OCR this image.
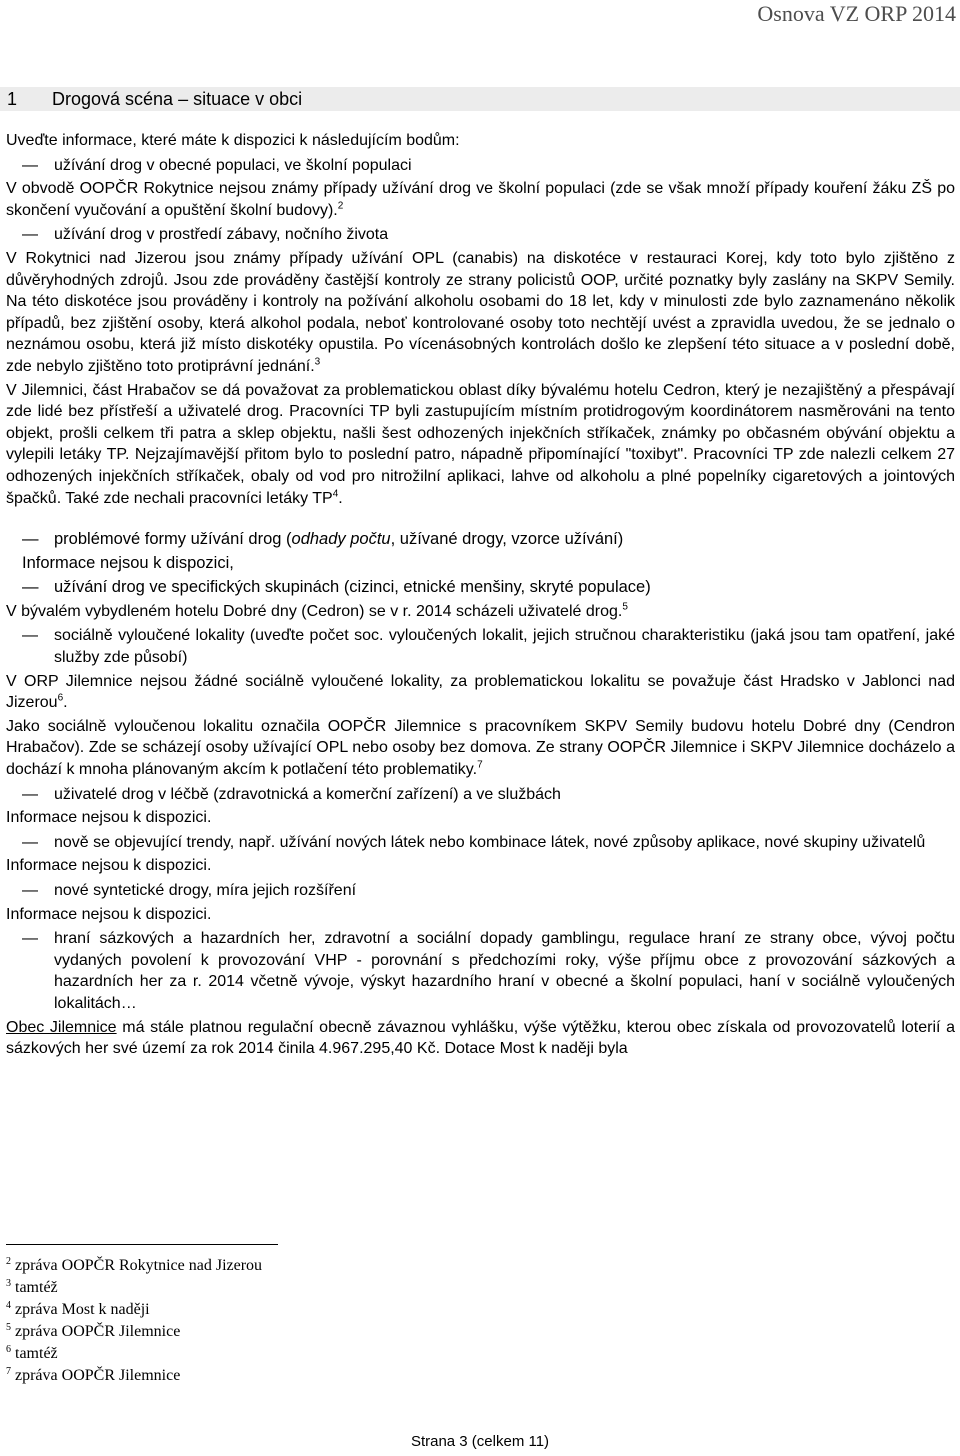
Osnova VZ ORP 2014
1 Drogová scéna – situace v obci

Uveďte informace, které máte k dispozici k následujícím bodům:

— užívání drog v obecné populaci, ve školní populaci

V obvodě OOPČR Rokytnice nejsou známy případy užívání drog ve školní populaci (zde se však množí případy kouření žáku ZŠ po skončení vyučování a opuštění školní budovy).$^2$

— užívání drog v prostředí zábavy, nočního života

V Rokytnici nad Jizerou jsou známy případy užívání OPL (canabis) na diskotéce v restauraci Korej, kdy toto bylo zjištěno z důvěryhodných zdrojů. Jsou zde prováděny častější kontroly ze strany policistů OOP, určité poznatky byly zaslány na SKPV Semily. Na této diskotéce jsou prováděny i kontroly na požívání alkoholu osobami do 18 let, kdy v minulosti zde bylo zaznamenáno několik případů, bez zjištění osoby, která alkohol podala, neboť kontrolované osoby toto nechtějí uvést a zpravidla uvedou, že se jednalo o neznámou osobu, která již místo diskotéky opustila. Po vícenásobných kontrolách došlo ke zlepšení této situace a v poslední době, zde nebylo zjištěno toto protiprávní jednání.$^3$

V Jilemnici, část Hrabačov se dá považovat za problematickou oblast díky bývalému hotelu Cedron, který je nezajištěný a přespávají zde lidé bez přístřeší a uživatelé drog. Pracovníci TP byli zastupujícím místním protidrogovým koordinátorem nasměrováni na tento objekt, prošli celkem tři patra a sklep objektu, našli šest odhozených injekčních stříkaček, známky po občasném obývání objektu a vylepili letáky TP. Nejzajímavější přitom bylo to poslední patro, nápadně připomínající "toxibyt". Pracovníci TP zde nalezli celkem 27 odhozených injekčních stříkaček, obaly od vod pro nitrožilní aplikaci, lahve od alkoholu a plné popelníky cigaretových a jointových špačků. Také zde nechali pracovníci letáky $TP^4$.

— problémové formy užívání drog (odhady počtu, užívané drogy, vzorce užívání)

Informace nejsou k dispozici,

— užívání drog ve specifických skupinách (cizinci, etnické menšiny, skryté populace)

V bývalém vybydleném hotelu Dobré dny (Cedron) se v r. 2014 scházeli uživatelé drog.$^5$

— sociálně vyloučené lokality (uveďte počet soc. vyloučených lokalit, jejich stručnou charakteristiku (jaká jsou tam opatření, jaké služby zde působí)

V ORP Jilemnice nejsou žádné sociálně vyloučené lokality, za problematickou lokalitu se považuje část Hradsko v Jablonci nad Jizerou$^6$.

Jako sociálně vyloučenou lokalitu označila OOPČR Jilemnice s pracovníkem SKPV Semily budovu hotelu Dobré dny (Cendron Hrabačov). Zde se scházejí osoby užívající OPL nebo osoby bez domova. Ze strany OOPČR Jilemnice i SKPV Jilemnice docházelo a dochází k mnoha plánovaným akcím k potlačení této problematiky.$^7$

— uživatelé drog v léčbě (zdravotnická a komerční zařízení) a ve službách

Informace nejsou k dispozici.

— nově se objevující trendy, např. užívání nových látek nebo kombinace látek, nové způsoby aplikace, nové skupiny uživatelů

Informace nejsou k dispozici.

— nové syntetické drogy, míra jejich rozšíření

Informace nejsou k dispozici.

— hraní sázkových a hazardních her, zdravotní a sociální dopady gamblingu, regulace hraní ze strany obce, vývoj počtu vydaných povolení k provozování VHP - porovnání s předchozími roky, výše příjmu obce z provozování sázkových a hazardních her za r. 2014 včetně vývoje, výskyt hazardního hraní v obecné a školní populaci, haní v sociálně vyloučených lokalitách…

Obec Jilemnice má stále platnou regulační obecně závaznou vyhlášku, výše výtěžku, kterou obec získala od provozovatelů loterií a sázkových her své území za rok 2014 činila 4.967.295,40 Kč. Dotace Most k naději byla

$^2$ zpráva OOPČR Rokytnice nad Jizerou
$^3$ tamtéž
$^4$ zpráva Most k naději
$^5$ zpráva OOPČR Jilemnice
$^6$ tamtéž
$^7$ zpráva OOPČR Jilemnice
Strana 3 (celkem 11)
